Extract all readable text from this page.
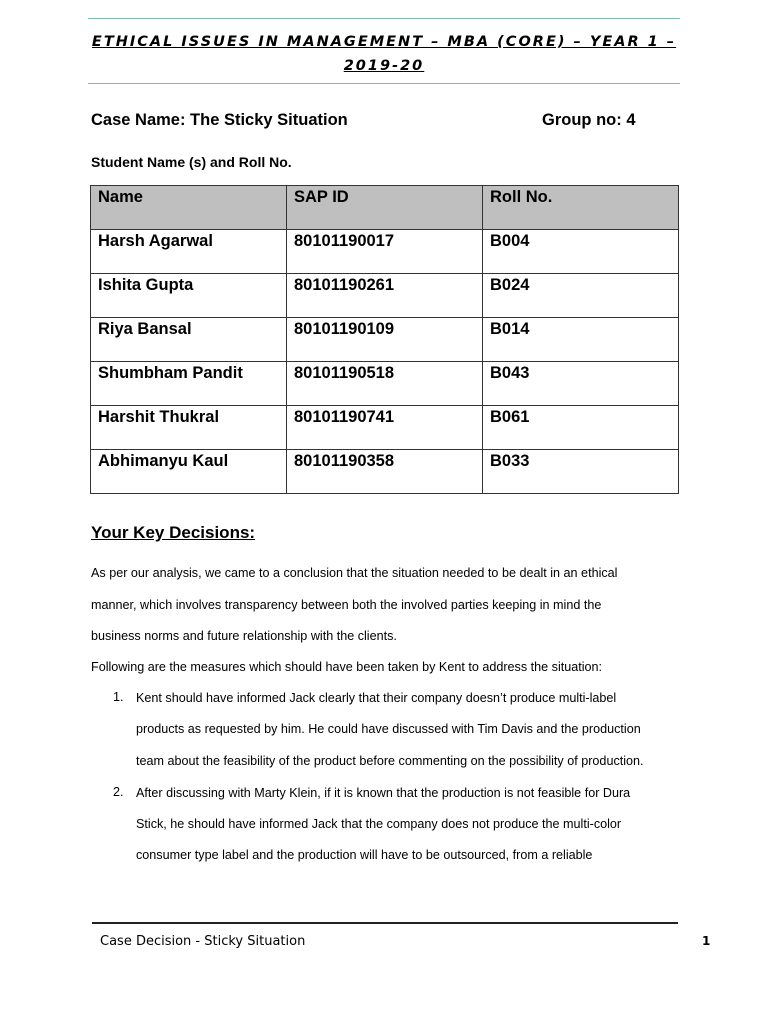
ETHICAL ISSUES IN MANAGEMENT – MBA (CORE) – YEAR 1 –
2019-20
Case Name: The Sticky Situation	Group no: 4
Student Name (s) and Roll No.
Name	SAP ID	Roll No.
Harsh Agarwal	80101190017	B004
Ishita Gupta	80101190261	B024
Riya Bansal	80101190109	B014
Shumbham Pandit	80101190518	B043
Harshit Thukral	80101190741	B061
Abhimanyu Kaul	80101190358	B033
Your Key Decisions:
As per our analysis, we came to a conclusion that the situation needed to be dealt in an ethical
manner, which involves transparency between both the involved parties keeping in mind the
business norms and future relationship with the clients.
Following are the measures which should have been taken by Kent to address the situation:
1. Kent should have informed Jack clearly that their company doesn’t produce multi-label
products as requested by him. He could have discussed with Tim Davis and the production
team about the feasibility of the product before commenting on the possibility of production.
2. After discussing with Marty Klein, if it is known that the production is not feasible for Dura
Stick, he should have informed Jack that the company does not produce the multi-color
consumer type label and the production will have to be outsourced, from a reliable
Case Decision - Sticky Situation	1
